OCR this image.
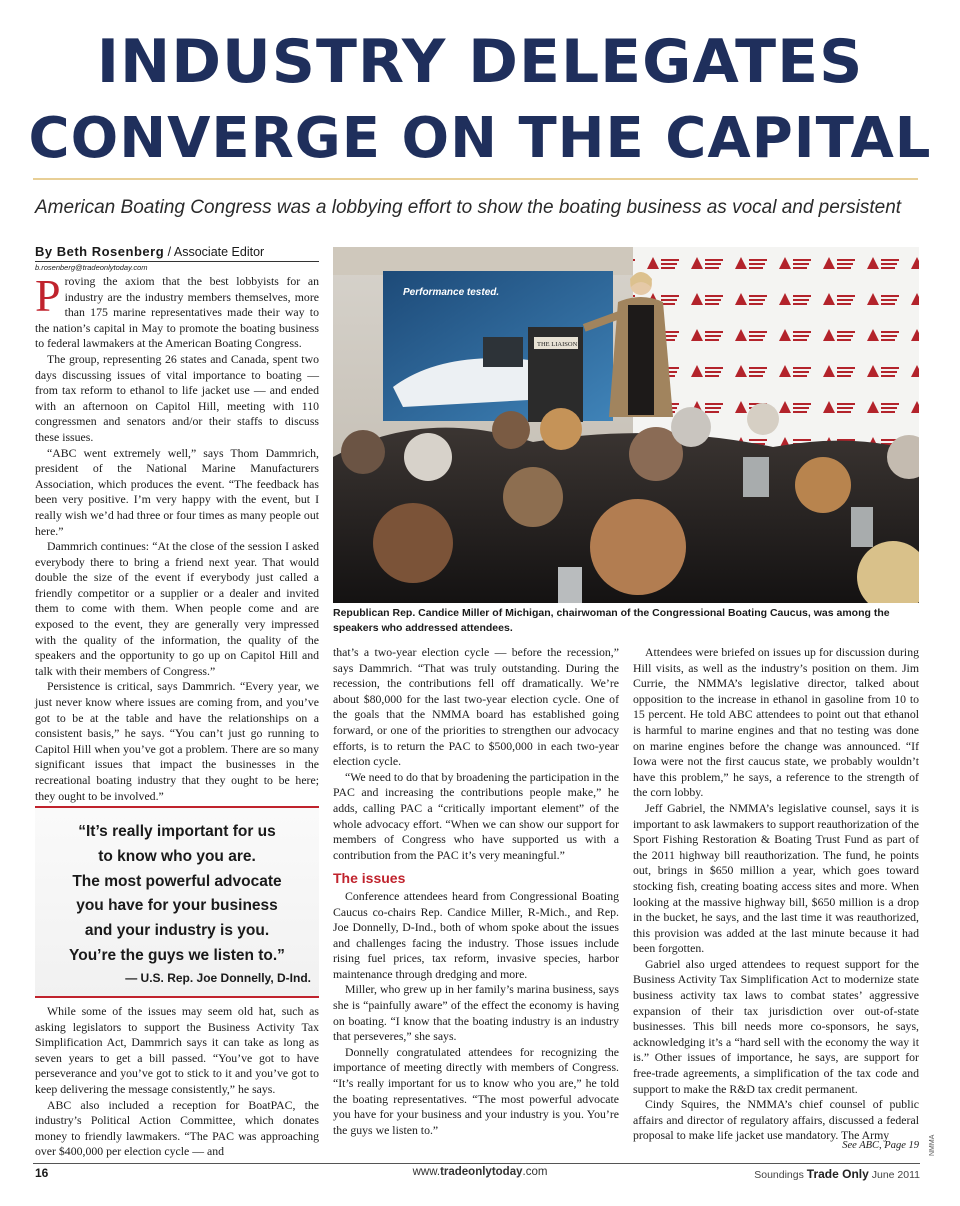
INDUSTRY DELEGATES
CONVERGE ON THE CAPITAL
American Boating Congress was a lobbying effort to show the boating business as vocal and persistent
By Beth Rosenberg / Associate Editor
b.rosenberg@tradeonlytoday.com

Proving the axiom that the best lobbyists for an industry are the industry members themselves, more than 175 marine representatives made their way to the nation’s capital in May to promote the boating business to federal lawmakers at the American Boating Congress.

The group, representing 26 states and Canada, spent two days discussing issues of vital importance to boating — from tax reform to ethanol to life jacket use — and ended with an afternoon on Capitol Hill, meeting with 110 congressmen and senators and/or their staffs to discuss these issues.

“ABC went extremely well,” says Thom Dammrich, president of the National Marine Manufacturers Association, which produces the event. “The feedback has been very positive. I’m very happy with the event, but I really wish we’d had three or four times as many people out here.”

Dammrich continues: “At the close of the session I asked everybody there to bring a friend next year. That would double the size of the event if everybody just called a friendly competitor or a supplier or a dealer and invited them to come with them. When people come and are exposed to the event, they are generally very impressed with the quality of the information, the quality of the speakers and the opportunity to go up on Capitol Hill and talk with their members of Congress.”

Persistence is critical, says Dammrich. “Every year, we just never know where issues are coming from, and you’ve got to be at the table and have the relationships on a consistent basis,” he says. “You can’t just go running to Capitol Hill when you’ve got a problem. There are so many significant issues that impact the businesses in the recreational boating industry that they ought to be here; they ought to be involved.”

“It’s really important for us
to know who you are.
The most powerful advocate
you have for your business
and your industry is you.
You’re the guys we listen to.”
— U.S. Rep. Joe Donnelly, D-Ind.

While some of the issues may seem old hat, such as asking legislators to support the Business Activity Tax Simplification Act, Dammrich says it can take as long as seven years to get a bill passed. “You’ve got to have perseverance and you’ve got to stick to it and you’ve got to keep delivering the message consistently,” he says.

ABC also included a reception for BoatPAC, the industry’s Political Action Committee, which donates money to friendly lawmakers. “The PAC was approaching over $400,000 per election cycle — and

Performance tested.
THE LIAISON
Republican Rep. Candice Miller of Michigan, chairwoman of the Congressional Boating Caucus, was among the speakers who addressed attendees.

that’s a two-year election cycle — before the recession,” says Dammrich. “That was truly outstanding. During the recession, the contributions fell off dramatically. We’re about $80,000 for the last two-year election cycle. One of the goals that the NMMA board has established going forward, or one of the priorities to strengthen our advocacy efforts, is to return the PAC to $500,000 in each two-year election cycle.

“We need to do that by broadening the participation in the PAC and increasing the contributions people make,” he adds, calling PAC a “critically important element” of the whole advocacy effort. “When we can show our support for members of Congress who have supported us with a contribution from the PAC it’s very meaningful.”

The issues

Conference attendees heard from Congressional Boating Caucus co-chairs Rep. Candice Miller, R-Mich., and Rep. Joe Donnelly, D-Ind., both of whom spoke about the issues and challenges facing the industry. Those issues include rising fuel prices, tax reform, invasive species, harbor maintenance through dredging and more.

Miller, who grew up in her family’s marina business, says she is “painfully aware” of the effect the economy is having on boating. “I know that the boating industry is an industry that perseveres,” she says.

Donnelly congratulated attendees for recognizing the importance of meeting directly with members of Congress. “It’s really important for us to know who you are,” he told the boating representatives. “The most powerful advocate you have for your business and your industry is you. You’re the guys we listen to.”

Attendees were briefed on issues up for discussion during Hill visits, as well as the industry’s position on them. Jim Currie, the NMMA’s legislative director, talked about opposition to the increase in ethanol in gasoline from 10 to 15 percent. He told ABC attendees to point out that ethanol is harmful to marine engines and that no testing was done on marine engines before the change was announced. “If Iowa were not the first caucus state, we probably wouldn’t have this problem,” he says, a reference to the strength of the corn lobby.

Jeff Gabriel, the NMMA’s legislative counsel, says it is important to ask lawmakers to support reauthorization of the Sport Fishing Restoration & Boating Trust Fund as part of the 2011 highway bill reauthorization. The fund, he points out, brings in $650 million a year, which goes toward stocking fish, creating boating access sites and more. When looking at the massive highway bill, $650 million is a drop in the bucket, he says, and the last time it was reauthorized, this provision was added at the last minute because it had been forgotten.

Gabriel also urged attendees to request support for the Business Activity Tax Simplification Act to modernize state business activity tax laws to combat states’ aggressive expansion of their tax jurisdiction over out-of-state businesses. This bill needs more co-sponsors, he says, acknowledging it’s a “hard sell with the economy the way it is.” Other issues of importance, he says, are support for free-trade agreements, a simplification of the tax code and support to make the R&D tax credit permanent.

Cindy Squires, the NMMA’s chief counsel of public affairs and director of regulatory affairs, discussed a federal proposal to make life jacket use mandatory. The Army

See ABC, Page 19 NMMA
16	www.tradeonlytoday.com	Soundings Trade Only June 2011
